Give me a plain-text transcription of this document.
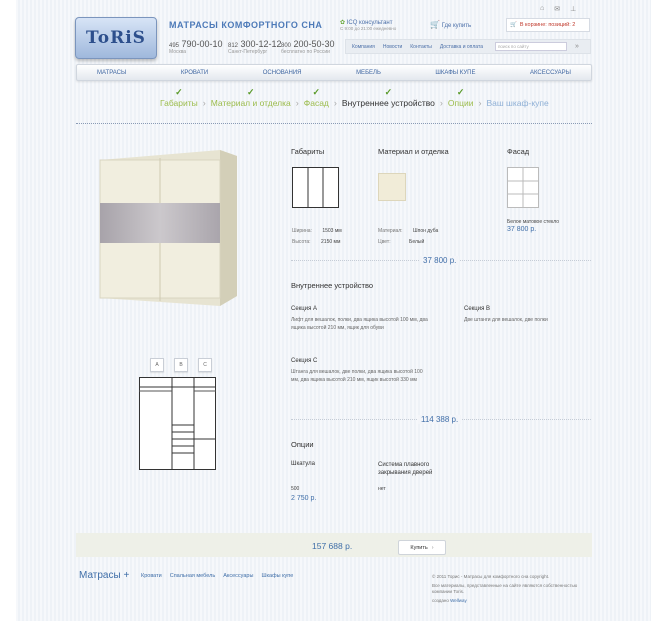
ToRiS
МАТРАСЫ КОМФОРТНОГО СНА
495 790-00-10
Москва
812 300-12-12
Санкт-Петербург
800 200-50-30
бесплатно по России
✿ ICQ консультант
С 9:00 до 21:00 ежедневно	🛒 Где купить	🛒 В корзине: позиций: 2
⌂ ✉ ⊥
Компания Новости Контакты Доставка и оплата	поиск по сайту	»
МАТРАСЫ	КРОВАТИ	ОСНОВАНИЯ	МЕБЕЛЬ	ШКАФЫ КУПЕ	АКСЕССУАРЫ
✓
Габариты ›
✓
Материал и отделка ›
✓
Фасад ›
✓
Внутреннее устройство ›
✓
Опции › Ваш шкаф-купе
A	B	C
Габариты
Ширина: 1503 мм
Высота: 2150 мм
Материал и отделка
Материал: Шпон дуба
Цвет:	Белый
Фасад
Белое матовое стекло
37 800 р.
37 800 р.
Внутреннее устройство
Секция A
Лифт для вешалок, полки, два ящика высотой 100 мм, два ящика высотой 210 мм, ящик для обуви
Секция B
Две штанги для вешалок, две полки
Секция C
Штанга для вешалок, две полки, два ящика высотой 100 мм, два ящика высотой 210 мм, ящик высотой 330 мм
114 388 р.
Опции
Шкатула
500
2 750 р.
Система плавного закрывания дверей
нет
157 688 р.	Купить ›
Матрасы + Кровати Спальная мебель Аксессуары Шкафы купе	© 2011 Торис - Матрасы для комфортного сна copyright.
Все материалы, представленные на сайте являются собственностью компании Toris.
создано Wellway
